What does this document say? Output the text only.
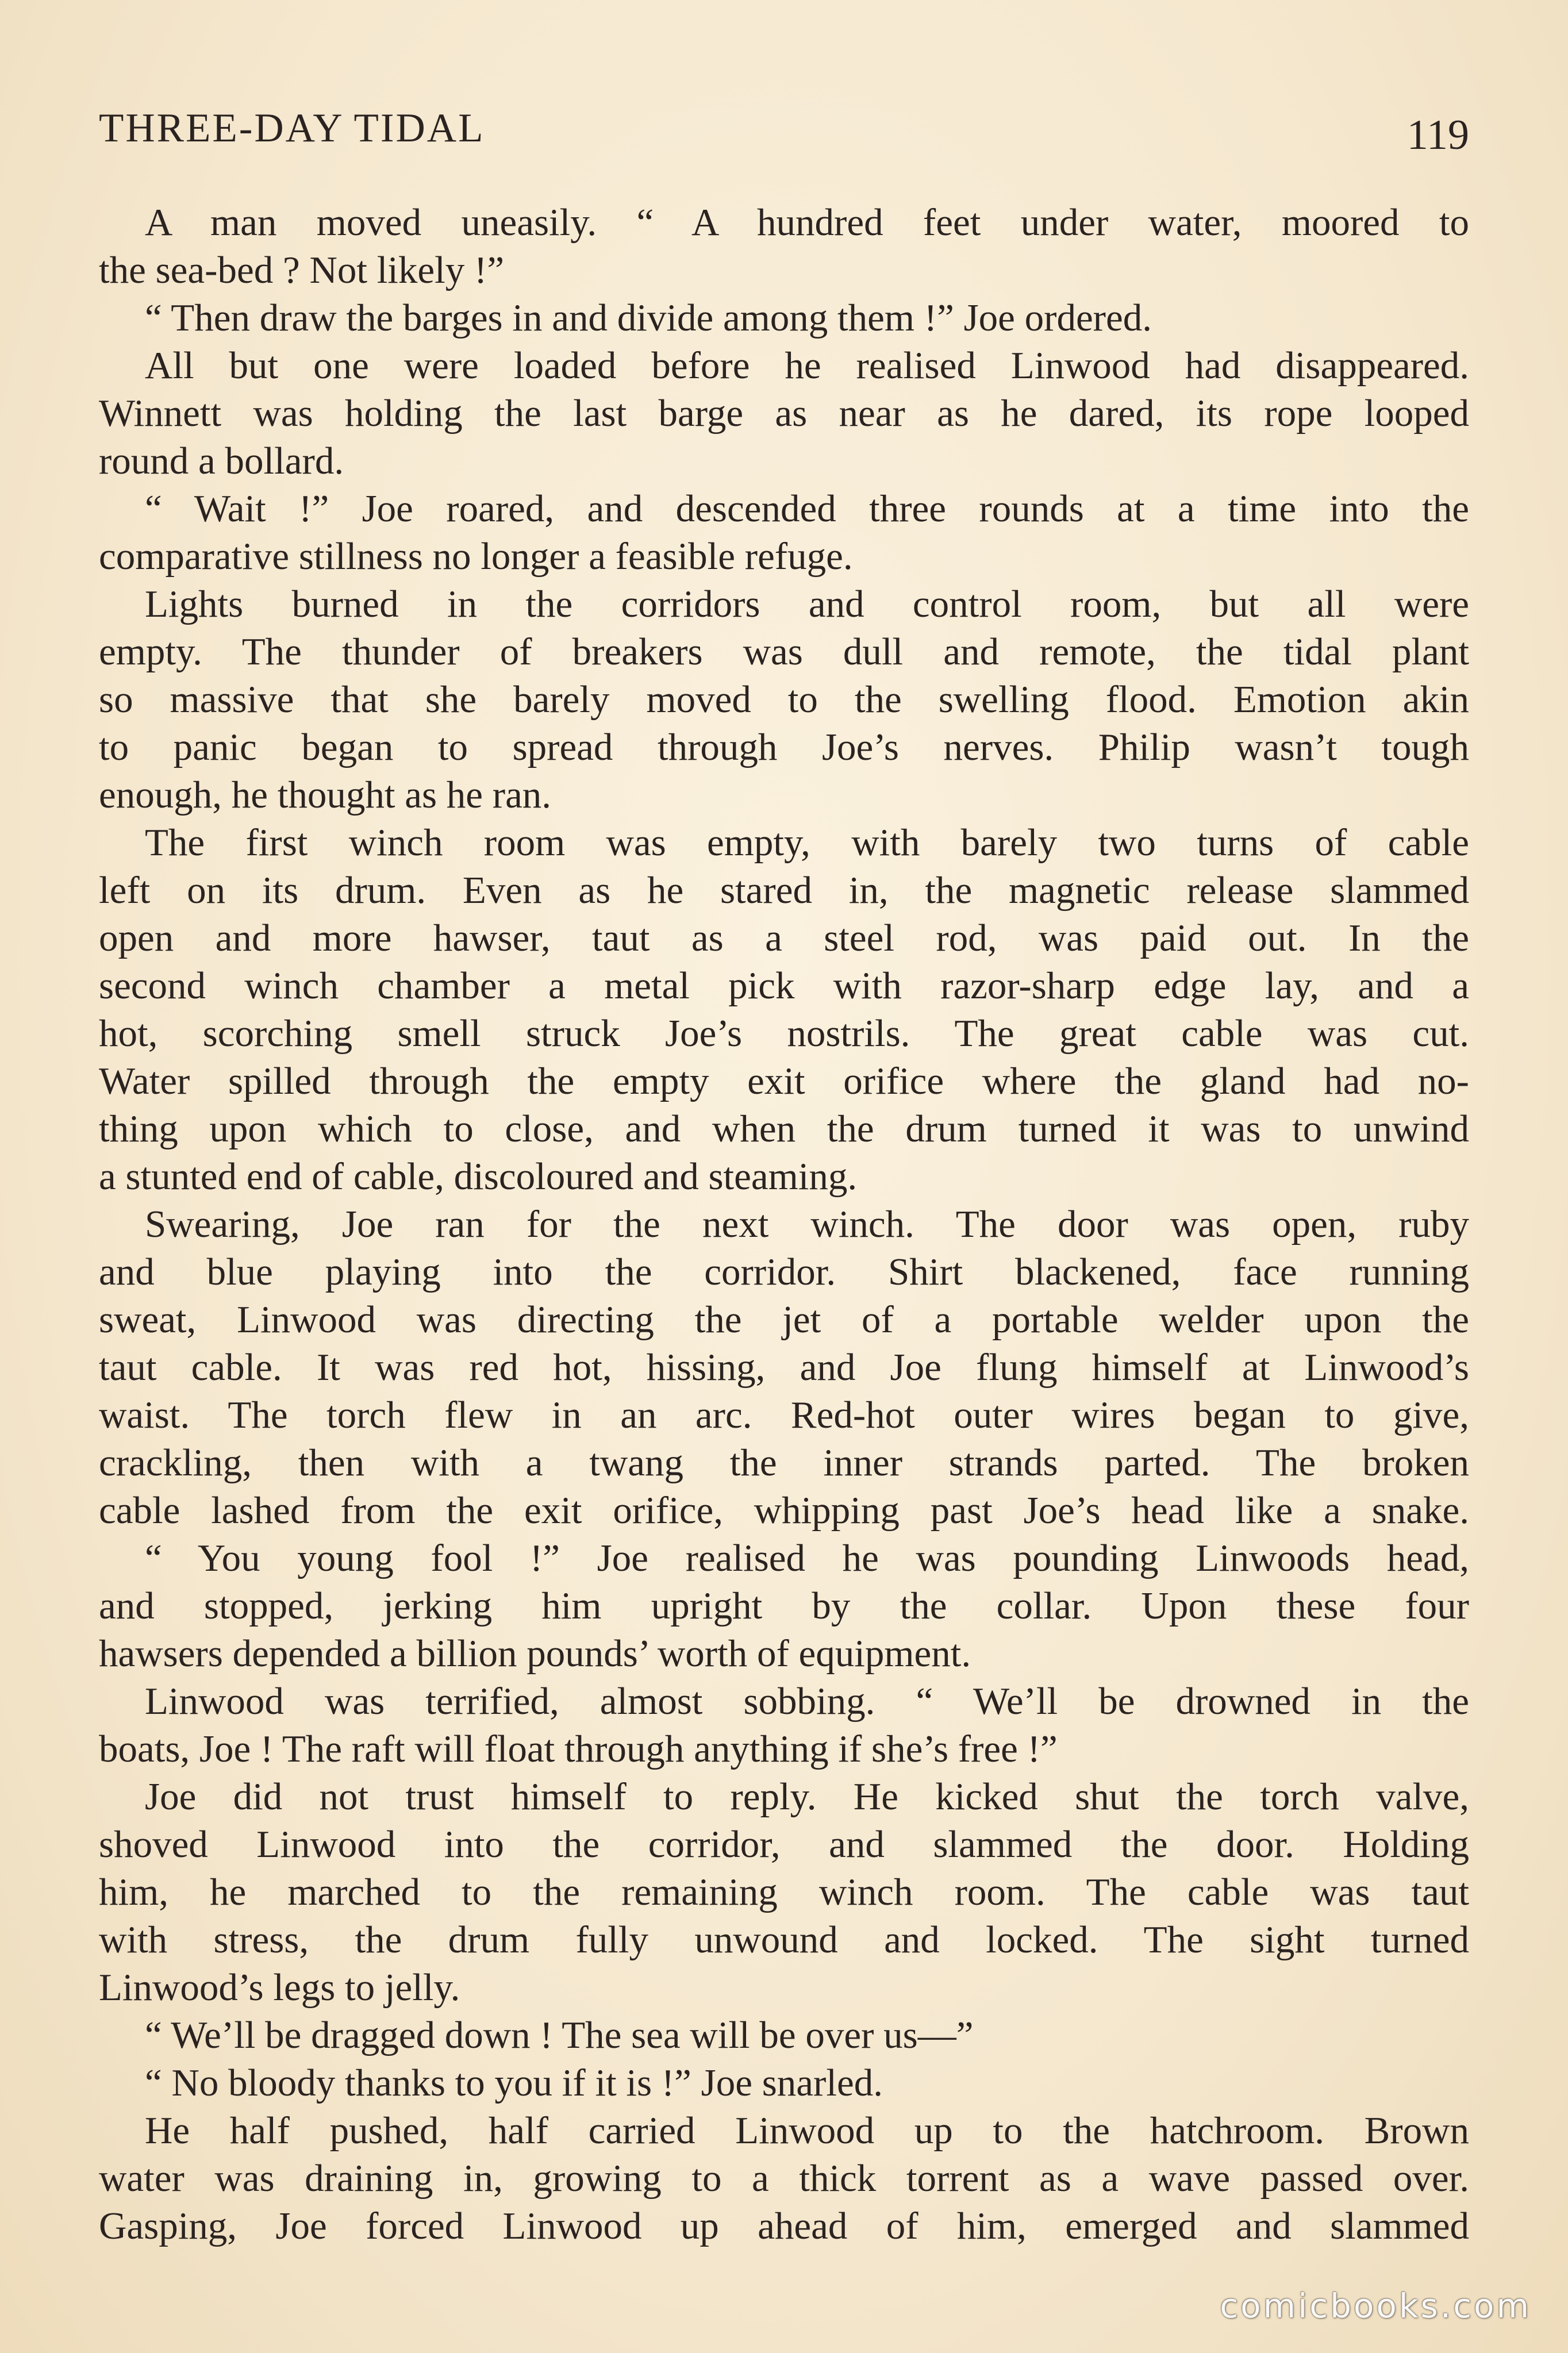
THREE-DAY TIDAL	119
A man moved uneasily. “ A hundred feet under water, moored to
the sea-bed ? Not likely !”
“ Then draw the barges in and divide among them !” Joe ordered.
All but one were loaded before he realised Linwood had disappeared.
Winnett was holding the last barge as near as he dared, its rope looped
round a bollard.
“ Wait !” Joe roared, and descended three rounds at a time into the
comparative stillness no longer a feasible refuge.
Lights burned in the corridors and control room, but all were
empty. The thunder of breakers was dull and remote, the tidal plant
so massive that she barely moved to the swelling flood. Emotion akin
to panic began to spread through Joe’s nerves. Philip wasn’t tough
enough, he thought as he ran.
The first winch room was empty, with barely two turns of cable
left on its drum. Even as he stared in, the magnetic release slammed
open and more hawser, taut as a steel rod, was paid out. In the
second winch chamber a metal pick with razor-sharp edge lay, and a
hot, scorching smell struck Joe’s nostrils. The great cable was cut.
Water spilled through the empty exit orifice where the gland had no-
thing upon which to close, and when the drum turned it was to unwind
a stunted end of cable, discoloured and steaming.
Swearing, Joe ran for the next winch. The door was open, ruby
and blue playing into the corridor. Shirt blackened, face running
sweat, Linwood was directing the jet of a portable welder upon the
taut cable. It was red hot, hissing, and Joe flung himself at Linwood’s
waist. The torch flew in an arc. Red-hot outer wires began to give,
crackling, then with a twang the inner strands parted. The broken
cable lashed from the exit orifice, whipping past Joe’s head like a snake.
“ You young fool !” Joe realised he was pounding Linwoods head,
and stopped, jerking him upright by the collar. Upon these four
hawsers depended a billion pounds’ worth of equipment.
Linwood was terrified, almost sobbing. “ We’ll be drowned in the
boats, Joe ! The raft will float through anything if she’s free !”
Joe did not trust himself to reply. He kicked shut the torch valve,
shoved Linwood into the corridor, and slammed the door. Holding
him, he marched to the remaining winch room. The cable was taut
with stress, the drum fully unwound and locked. The sight turned
Linwood’s legs to jelly.
“ We’ll be dragged down ! The sea will be over us—”
“ No bloody thanks to you if it is !” Joe snarled.
He half pushed, half carried Linwood up to the hatchroom. Brown
water was draining in, growing to a thick torrent as a wave passed over.
Gasping, Joe forced Linwood up ahead of him, emerged and slammed
comicbooks.com
